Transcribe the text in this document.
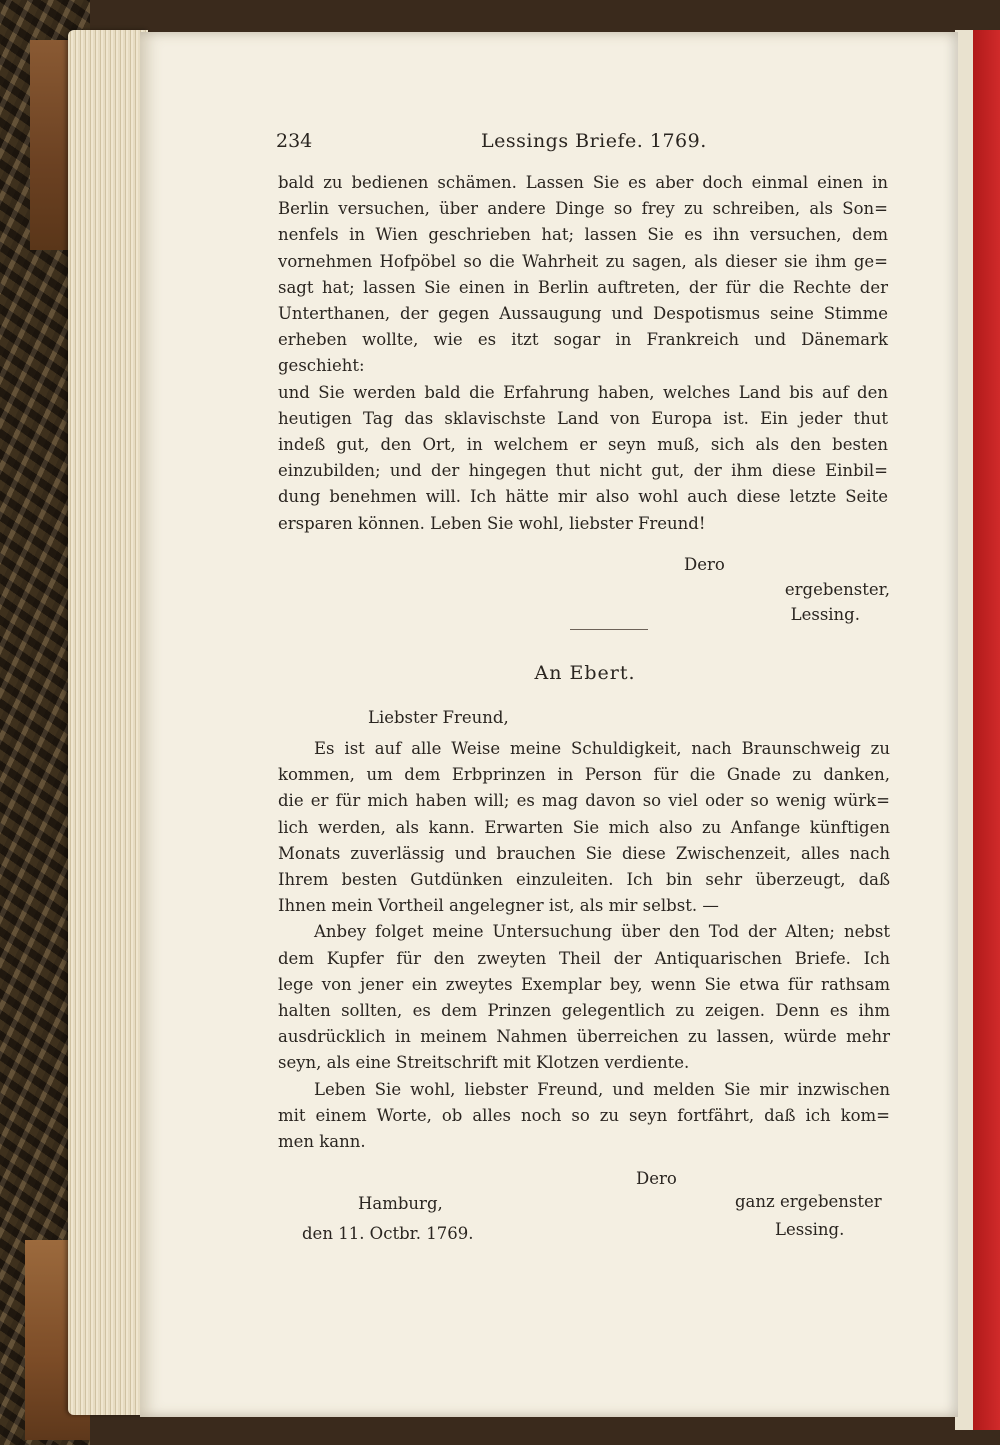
234	Lessings Briefe. 1769.
bald zu bedienen schämen. Lassen Sie es aber doch einmal einen in
Berlin versuchen, über andere Dinge so frey zu schreiben, als Son=
nenfels in Wien geschrieben hat; lassen Sie es ihn versuchen, dem
vornehmen Hofpöbel so die Wahrheit zu sagen, als dieser sie ihm ge=
sagt hat; lassen Sie einen in Berlin auftreten, der für die Rechte der
Unterthanen, der gegen Aussaugung und Despotismus seine Stimme
erheben wollte, wie es itzt sogar in Frankreich und Dänemark geschieht:
und Sie werden bald die Erfahrung haben, welches Land bis auf den
heutigen Tag das sklavischste Land von Europa ist. Ein jeder thut
indeß gut, den Ort, in welchem er seyn muß, sich als den besten
einzubilden; und der hingegen thut nicht gut, der ihm diese Einbil=
dung benehmen will. Ich hätte mir also wohl auch diese letzte Seite
ersparen können. Leben Sie wohl, liebster Freund!
Dero
ergebenster,
Lessing.
An Ebert.
Liebster Freund,
Es ist auf alle Weise meine Schuldigkeit, nach Braunschweig zu
kommen, um dem Erbprinzen in Person für die Gnade zu danken,
die er für mich haben will; es mag davon so viel oder so wenig würk=
lich werden, als kann. Erwarten Sie mich also zu Anfange künftigen
Monats zuverlässig und brauchen Sie diese Zwischenzeit, alles nach
Ihrem besten Gutdünken einzuleiten. Ich bin sehr überzeugt, daß
Ihnen mein Vortheil angelegner ist, als mir selbst. —
Anbey folget meine Untersuchung über den Tod der Alten; nebst
dem Kupfer für den zweyten Theil der Antiquarischen Briefe. Ich
lege von jener ein zweytes Exemplar bey, wenn Sie etwa für rathsam
halten sollten, es dem Prinzen gelegentlich zu zeigen. Denn es ihm
ausdrücklich in meinem Nahmen überreichen zu lassen, würde mehr
seyn, als eine Streitschrift mit Klotzen verdiente.
Leben Sie wohl, liebster Freund, und melden Sie mir inzwischen
mit einem Worte, ob alles noch so zu seyn fortfährt, daß ich kom=
men kann.
Dero
Hamburg,
den 11. Octbr. 1769.
ganz ergebenster
Lessing.
